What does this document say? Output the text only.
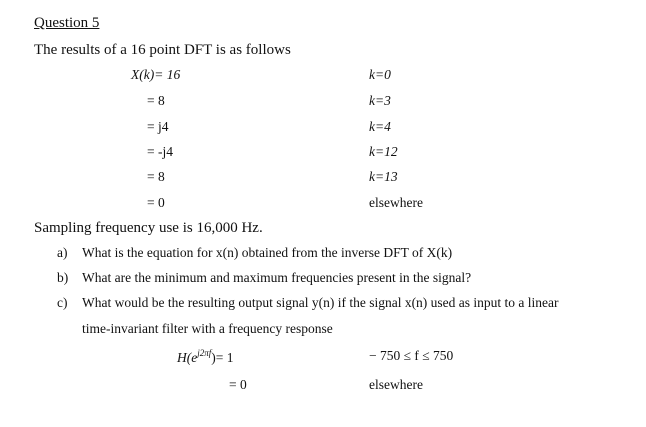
Question 5
The results of a 16 point DFT is as follows
X(k)= 16	k=0
= 8	k=3
= j4	k=4
= -j4	k=12
= 8	k=13
= 0	elsewhere
Sampling frequency use is 16,000 Hz.
a) What is the equation for x(n) obtained from the inverse DFT of X(k)
b) What are the minimum and maximum frequencies present in the signal?
c) What would be the resulting output signal y(n) if the signal x(n) used as input to a linear
time-invariant filter with a frequency response
$H(e^{j2\pi f})= 1$	− 750 ≤ f ≤ 750
= 0	elsewhere
